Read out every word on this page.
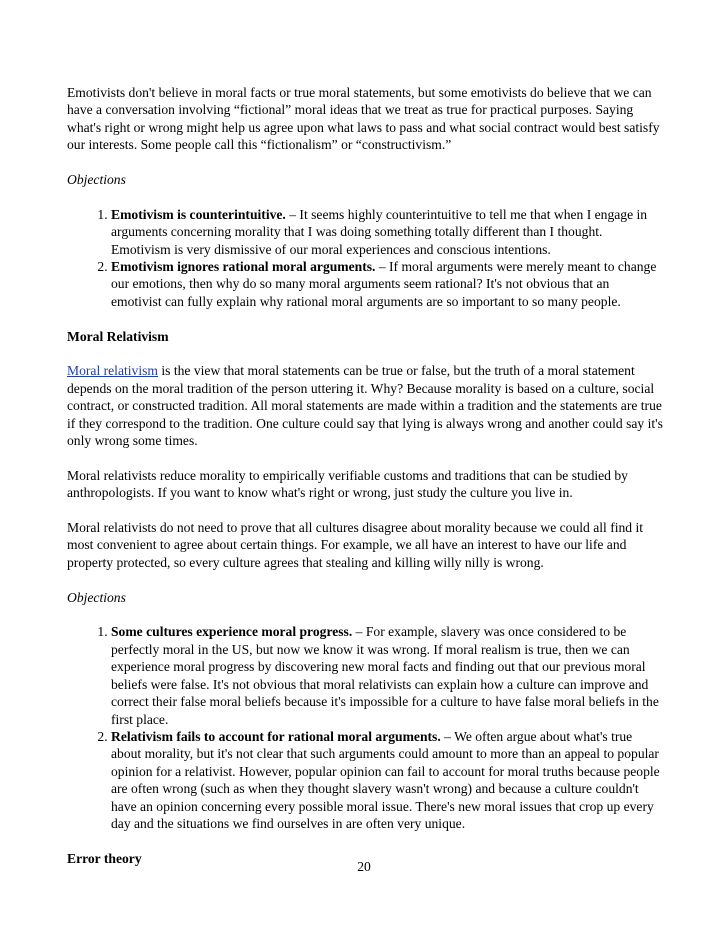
Emotivists don't believe in moral facts or true moral statements, but some emotivists do believe that we can have a conversation involving “fictional” moral ideas that we treat as true for practical purposes. Saying what's right or wrong might help us agree upon what laws to pass and what social contract would best satisfy our interests. Some people call this “fictionalism” or “constructivism.”

Objections

1. Emotivism is counterintuitive. – It seems highly counterintuitive to tell me that when I engage in arguments concerning morality that I was doing something totally different than I thought. Emotivism is very dismissive of our moral experiences and conscious intentions.
2. Emotivism ignores rational moral arguments. – If moral arguments were merely meant to change our emotions, then why do so many moral arguments seem rational? It's not obvious that an emotivist can fully explain why rational moral arguments are so important to so many people.

Moral Relativism

Moral relativism is the view that moral statements can be true or false, but the truth of a moral statement depends on the moral tradition of the person uttering it. Why? Because morality is based on a culture, social contract, or constructed tradition. All moral statements are made within a tradition and the statements are true if they correspond to the tradition. One culture could say that lying is always wrong and another could say it's only wrong some times.

Moral relativists reduce morality to empirically verifiable customs and traditions that can be studied by anthropologists. If you want to know what's right or wrong, just study the culture you live in.

Moral relativists do not need to prove that all cultures disagree about morality because we could all find it most convenient to agree about certain things. For example, we all have an interest to have our life and property protected, so every culture agrees that stealing and killing willy nilly is wrong.

Objections

1. Some cultures experience moral progress. – For example, slavery was once considered to be perfectly moral in the US, but now we know it was wrong. If moral realism is true, then we can experience moral progress by discovering new moral facts and finding out that our previous moral beliefs were false. It's not obvious that moral relativists can explain how a culture can improve and correct their false moral beliefs because it's impossible for a culture to have false moral beliefs in the first place.
2. Relativism fails to account for rational moral arguments. – We often argue about what's true about morality, but it's not clear that such arguments could amount to more than an appeal to popular opinion for a relativist. However, popular opinion can fail to account for moral truths because people are often wrong (such as when they thought slavery wasn't wrong) and because a culture couldn't have an opinion concerning every possible moral issue. There's new moral issues that crop up every day and the situations we find ourselves in are often very unique.

Error theory

20
